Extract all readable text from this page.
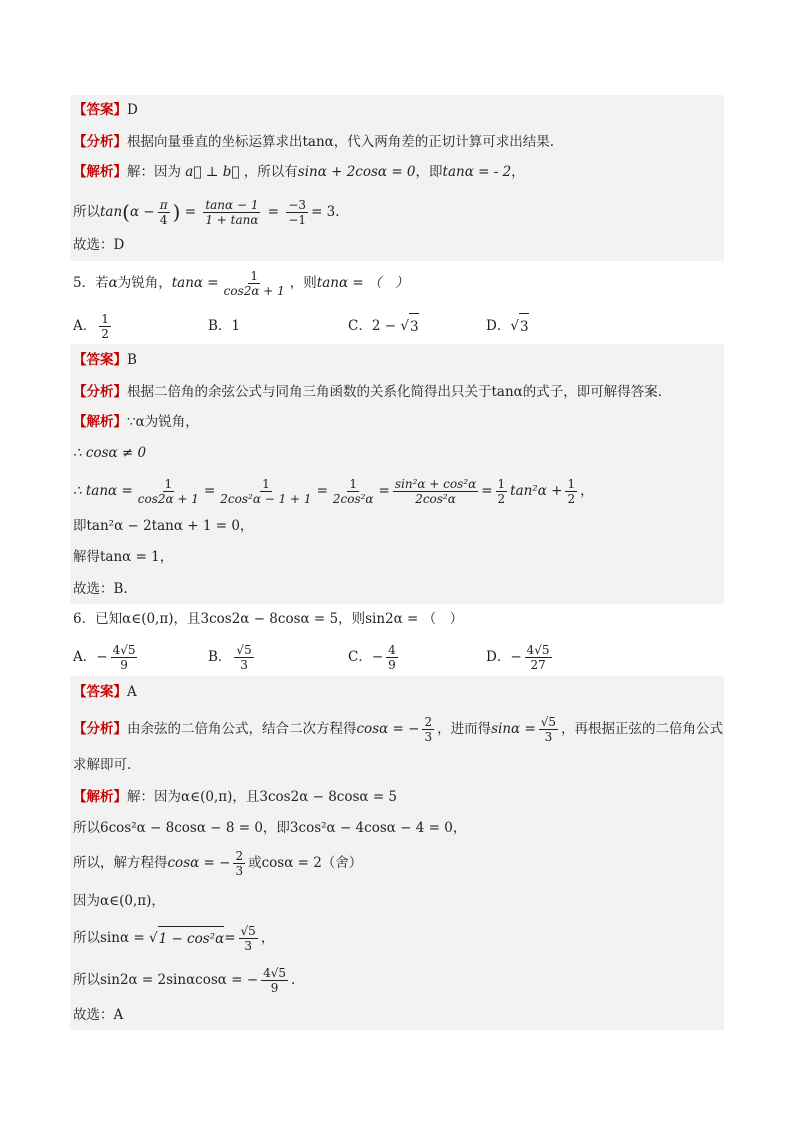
【答案】 D
【分析】 根据向量垂直的坐标运算求出tanα，代入两角差的正切计算可求出结果.
【解析】 解：因为 a⃗ ⊥ b⃗ ，所以有 sinα + 2cosα = 0 ，即 tanα = - 2 ，
所以 tan ( $\alpha - \frac{\pi}{4}$ ) = $\frac{\tan\alpha - 1}{1 + \tan\alpha} = \frac{-3}{-1} = 3$ .
故选：D
5．若 α 为锐角， $\tan\alpha = \frac{1}{\cos 2\alpha + 1}$ ，则 tanα = （　）
A． $\frac{1}{2}$	B．1	C． 2 − √ 3	D． √ 3
【答案】 B
【分析】 根据二倍角的余弦公式与同角三角函数的关系化简得出只关于tanα的式子，即可解得答案.
【解析】 ∵α为锐角，
∴ cosα ≠ 0
∴ $\tan\alpha = \frac{1}{\cos 2\alpha + 1} = \frac{1}{\text{2cos²α − 1 + 1}} = \frac{1}{\text{2cos²α}} = \frac{\text{sin²α + cos²α}}{\text{2cos²α}} = \frac{1}{2} \tan^2\alpha + \frac{1}{2}$ ，
即tan²α − 2tanα + 1 = 0，
解得tanα = 1，
故选：B.
6．已知α∈(0,π)，且3cos2α − 8cosα = 5，则sin2α = （　）
A． − $\frac{4√5}{9}$	B． $\frac{√5}{3}$	C． − $\frac{4}{9}$	D． − $\frac{4√5}{27}$
【答案】 A
【分析】 由余弦的二倍角公式，结合二次方程得 cosα = − $\frac{2}{3}$ ，进而得 $\sin\alpha = \frac{√5}{3}$ ，再根据正弦的二倍角公式
求解即可.
【解析】 解：因为α∈(0,π)，且3cos2α − 8cosα = 5
所以6cos²α − 8cosα − 8 = 0，即3cos²α − 4cosα − 4 = 0，
所以，解方程得 cosα = − $\frac{2}{3}$ 或cosα = 2（舍）
因为α∈(0,π)，
所以sinα = √ $1 - \cos^2\alpha = \frac{√5}{3}$ ，
所以sin2α = 2sinαcosα = − $\frac{4√5}{9}$ .
故选：A
